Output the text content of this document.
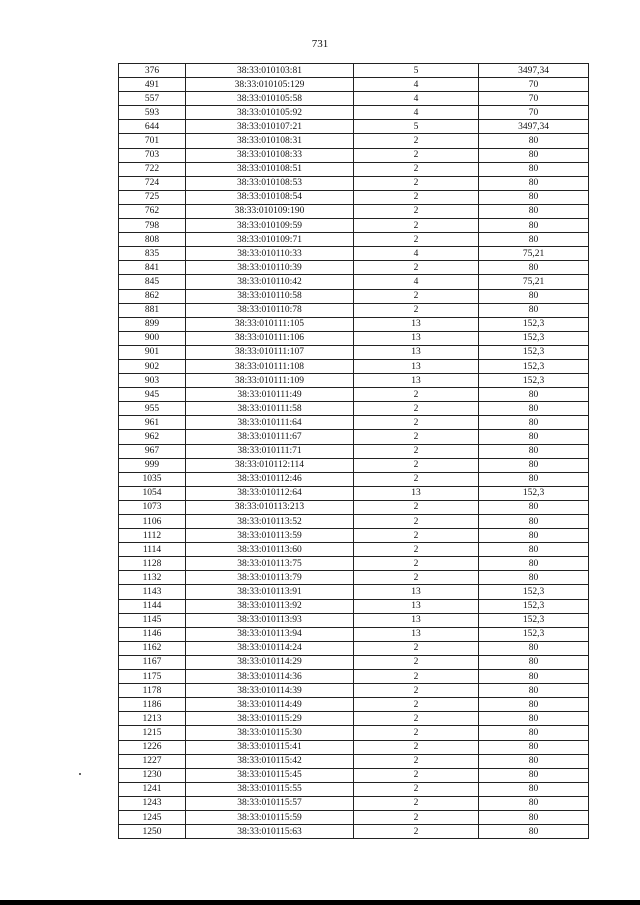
731
376	38:33:010103:81	5	3497,34
491	38:33:010105:129	4	70
557	38:33:010105:58	4	70
593	38:33:010105:92	4	70
644	38:33:010107:21	5	3497,34
701	38:33:010108:31	2	80
703	38:33:010108:33	2	80
722	38:33:010108:51	2	80
724	38:33:010108:53	2	80
725	38:33:010108:54	2	80
762	38:33:010109:190	2	80
798	38:33:010109:59	2	80
808	38:33:010109:71	2	80
835	38:33:010110:33	4	75,21
841	38:33:010110:39	2	80
845	38:33:010110:42	4	75,21
862	38:33:010110:58	2	80
881	38:33:010110:78	2	80
899	38:33:010111:105	13	152,3
900	38:33:010111:106	13	152,3
901	38:33:010111:107	13	152,3
902	38:33:010111:108	13	152,3
903	38:33:010111:109	13	152,3
945	38:33:010111:49	2	80
955	38:33:010111:58	2	80
961	38:33:010111:64	2	80
962	38:33:010111:67	2	80
967	38:33:010111:71	2	80
999	38:33:010112:114	2	80
1035	38:33:010112:46	2	80
1054	38:33:010112:64	13	152,3
1073	38:33:010113:213	2	80
1106	38:33:010113:52	2	80
1112	38:33:010113:59	2	80
1114	38:33:010113:60	2	80
1128	38:33:010113:75	2	80
1132	38:33:010113:79	2	80
1143	38:33:010113:91	13	152,3
1144	38:33:010113:92	13	152,3
1145	38:33:010113:93	13	152,3
1146	38:33:010113:94	13	152,3
1162	38:33:010114:24	2	80
1167	38:33:010114:29	2	80
1175	38:33:010114:36	2	80
1178	38:33:010114:39	2	80
1186	38:33:010114:49	2	80
1213	38:33:010115:29	2	80
1215	38:33:010115:30	2	80
1226	38:33:010115:41	2	80
1227	38:33:010115:42	2	80
1230	38:33:010115:45	2	80
1241	38:33:010115:55	2	80
1243	38:33:010115:57	2	80
1245	38:33:010115:59	2	80
1250	38:33:010115:63	2	80
